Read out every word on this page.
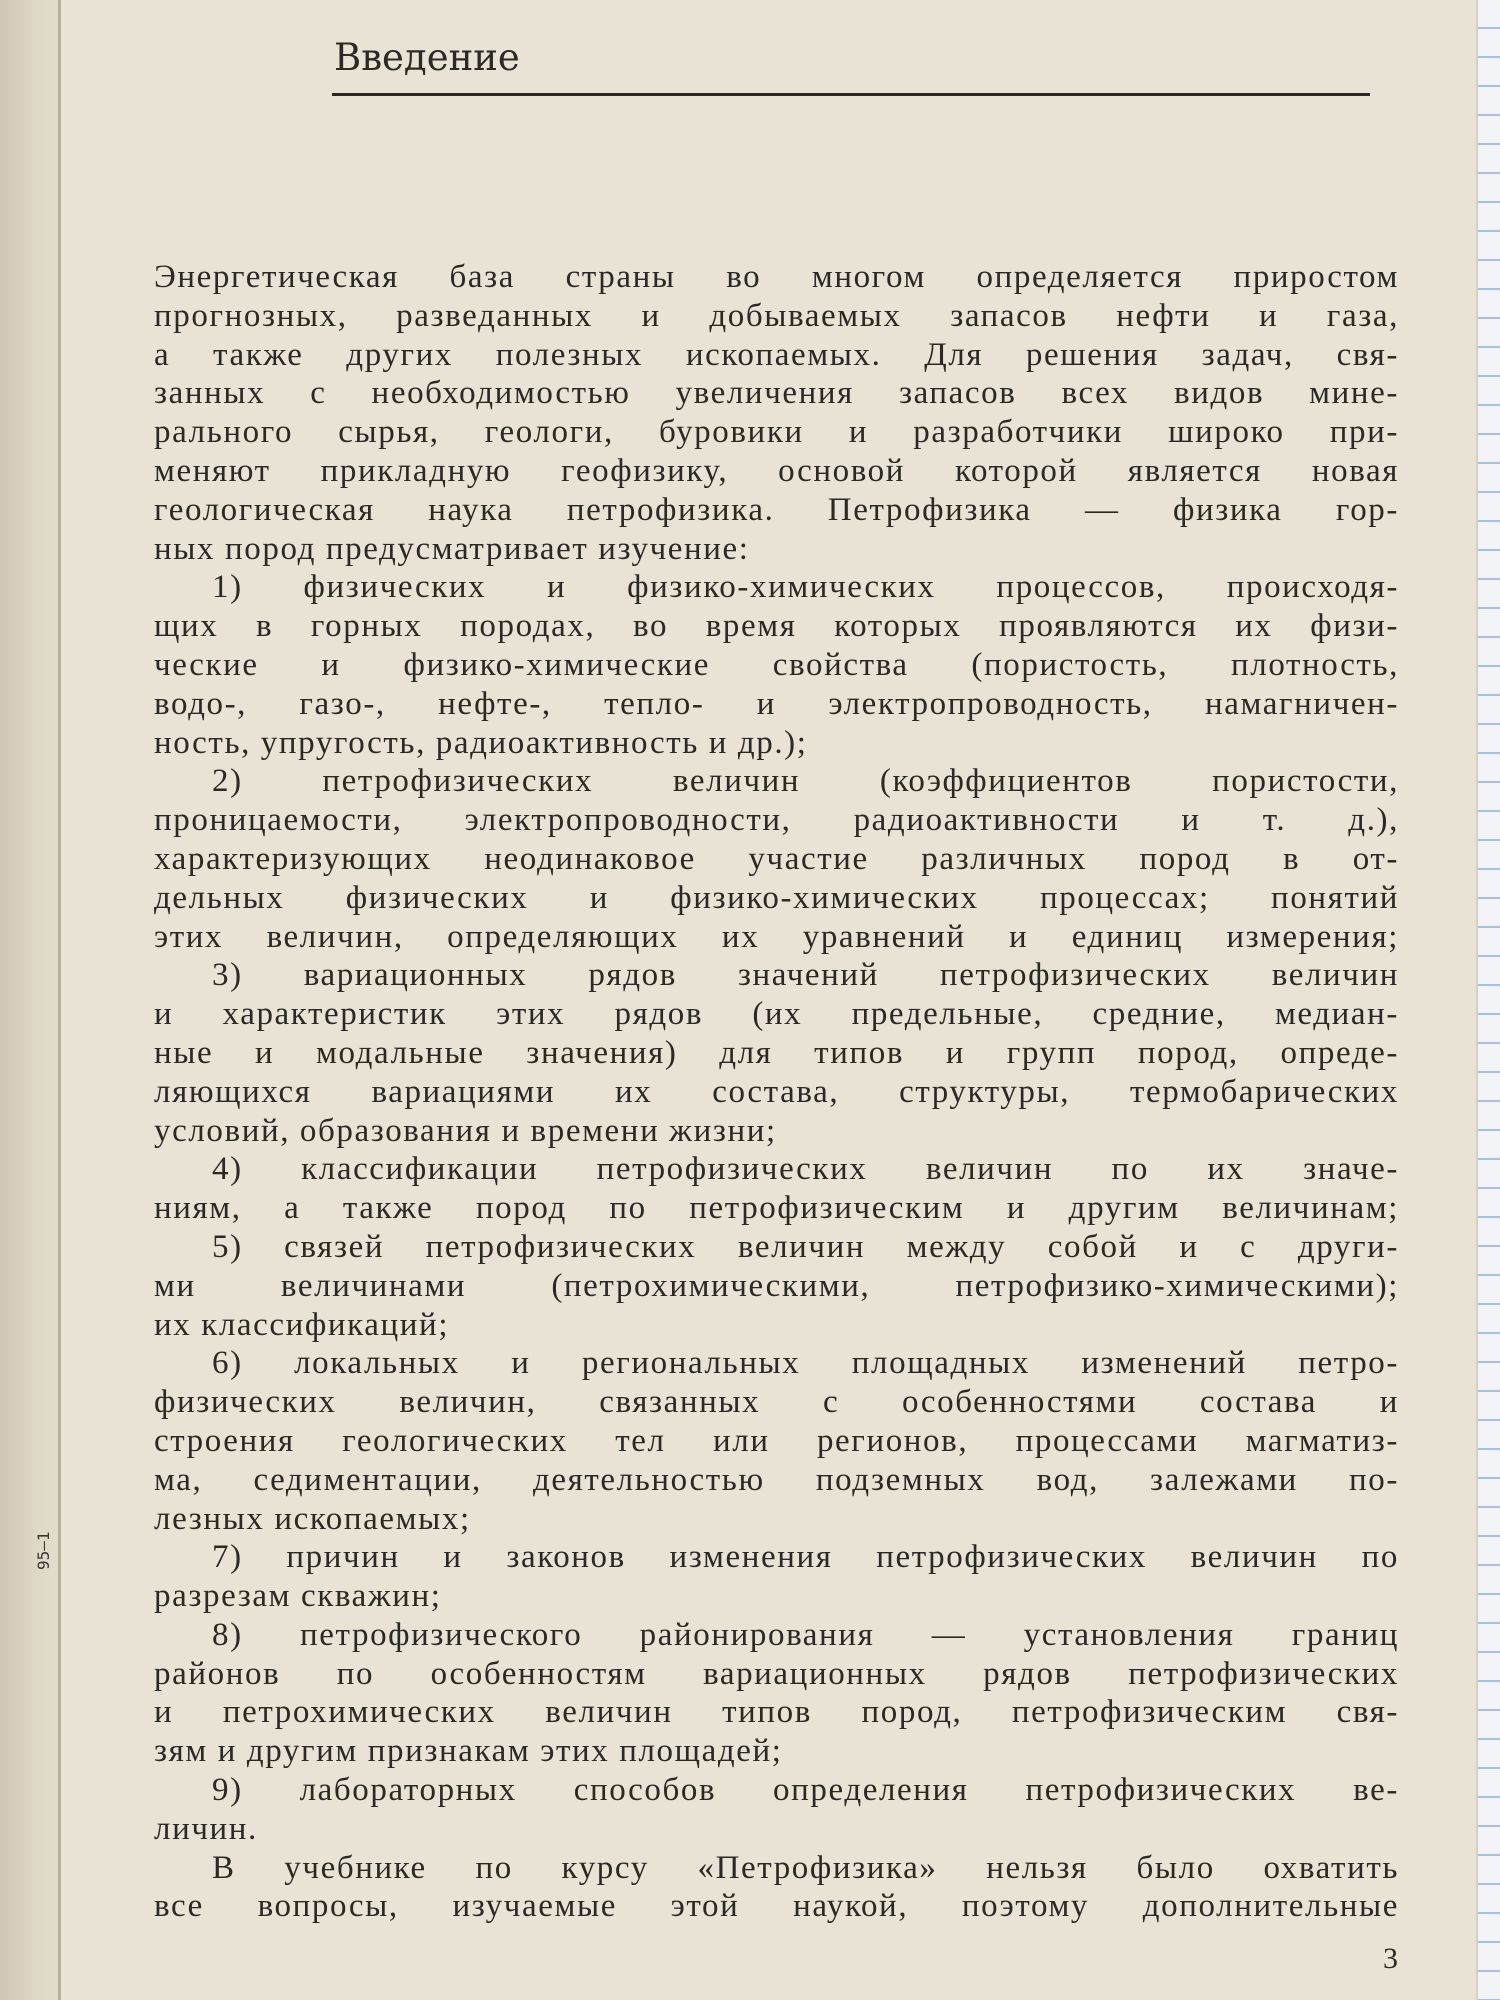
95—1
Введение
Энергетическая база страны во многом определяется приростом
прогнозных, разведанных и добываемых запасов нефти и газа,
а также других полезных ископаемых. Для решения задач, свя-
занных с необходимостью увеличения запасов всех видов мине-
рального сырья, геологи, буровики и разработчики широко при-
меняют прикладную геофизику, основой которой является новая
геологическая наука петрофизика. Петрофизика — физика гор-
ных пород предусматривает изучение:
1) физических и физико-химических процессов, происходя-
щих в горных породах, во время которых проявляются их физи-
ческие и физико-химические свойства (пористость, плотность,
водо-, газо-, нефте-, тепло- и электропроводность, намагничен-
ность, упругость, радиоактивность и др.);
2) петрофизических величин (коэффициентов пористости,
проницаемости, электропроводности, радиоактивности и т. д.),
характеризующих неодинаковое участие различных пород в от-
дельных физических и физико-химических процессах; понятий
этих величин, определяющих их уравнений и единиц измерения;
3) вариационных рядов значений петрофизических величин
и характеристик этих рядов (их предельные, средние, медиан-
ные и модальные значения) для типов и групп пород, опреде-
ляющихся вариациями их состава, структуры, термобарических
условий, образования и времени жизни;
4) классификации петрофизических величин по их значе-
ниям, а также пород по петрофизическим и другим величинам;
5) связей петрофизических величин между собой и с други-
ми величинами (петрохимическими, петрофизико-химическими);
их классификаций;
6) локальных и региональных площадных изменений петро-
физических величин, связанных с особенностями состава и
строения геологических тел или регионов, процессами магматиз-
ма, седиментации, деятельностью подземных вод, залежами по-
лезных ископаемых;
7) причин и законов изменения петрофизических величин по
разрезам скважин;
8) петрофизического районирования — установления границ
районов по особенностям вариационных рядов петрофизических
и петрохимических величин типов пород, петрофизическим свя-
зям и другим признакам этих площадей;
9) лабораторных способов определения петрофизических ве-
личин.
В учебнике по курсу «Петрофизика» нельзя было охватить
все вопросы, изучаемые этой наукой, поэтому дополнительные
3
